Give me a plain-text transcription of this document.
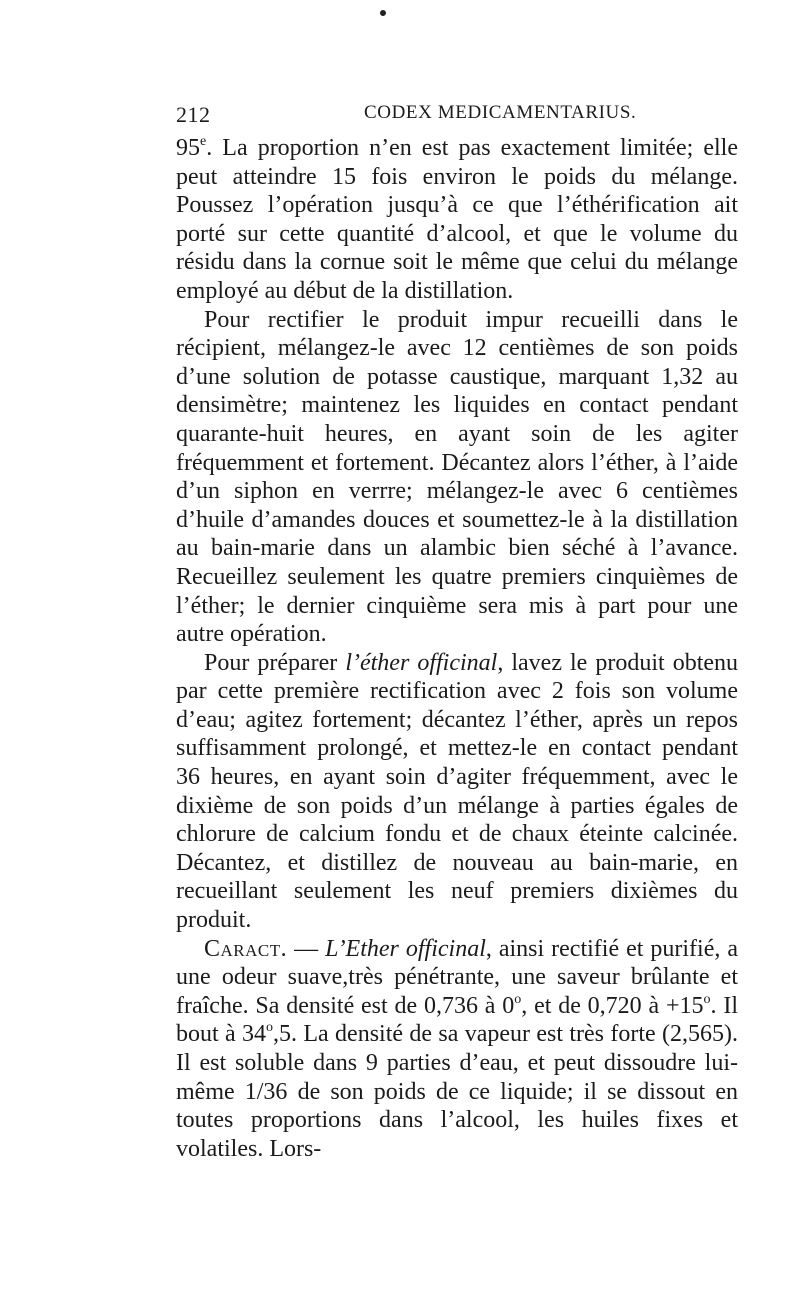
212	CODEX MEDICAMENTARIUS.

95e. La proportion n’en est pas exactement limitée; elle peut atteindre 15 fois environ le poids du mélange. Poussez l’opération jusqu’à ce que l’éthérification ait porté sur cette quantité d’alcool, et que le volume du résidu dans la cornue soit le même que celui du mélange employé au début de la distillation.

Pour rectifier le produit impur recueilli dans le récipient, mélangez-le avec 12 centièmes de son poids d’une solution de potasse caustique, marquant 1,32 au densimètre; maintenez les liquides en contact pendant quarante-huit heures, en ayant soin de les agiter fréquemment et fortement. Décantez alors l’éther, à l’aide d’un siphon en verrre; mélangez-le avec 6 centièmes d’huile d’amandes douces et soumettez-le à la distillation au bain-marie dans un alambic bien séché à l’avance. Recueillez seulement les quatre premiers cinquièmes de l’éther; le dernier cinquième sera mis à part pour une autre opération.

Pour préparer l’éther officinal, lavez le produit obtenu par cette première rectification avec 2 fois son volume d’eau; agitez fortement; décantez l’éther, après un repos suffisamment prolongé, et mettez-le en contact pendant 36 heures, en ayant soin d’agiter fréquemment, avec le dixième de son poids d’un mélange à parties égales de chlorure de calcium fondu et de chaux éteinte calcinée. Décantez, et distillez de nouveau au bain-marie, en recueillant seulement les neuf premiers dixièmes du produit.

Caract. — L’Ether officinal, ainsi rectifié et purifié, a une odeur suave,très pénétrante, une saveur brûlante et fraîche. Sa densité est de 0,736 à 0$^o$, et de 0,720 à $+15^o$. Il bout à 34$^o$,5. La densité de sa vapeur est très forte (2,565). Il est soluble dans 9 parties d’eau, et peut dissoudre lui-même 1/36 de son poids de ce liquide; il se dissout en toutes proportions dans l’alcool, les huiles fixes et volatiles. Lors-
